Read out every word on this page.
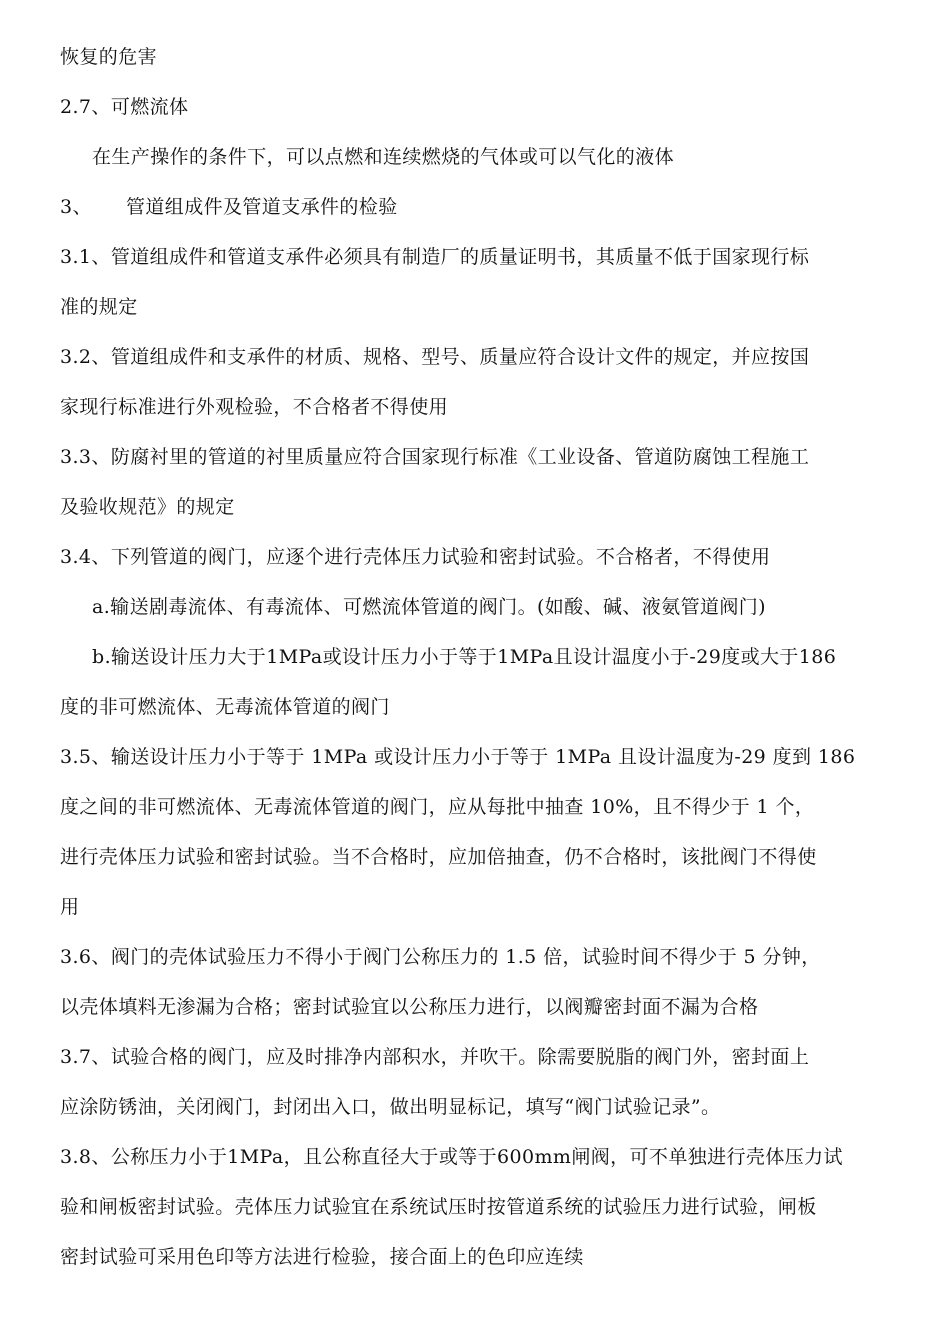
恢复的危害
2.7、可燃流体
在生产操作的条件下，可以点燃和连续燃烧的气体或可以气化的液体
3、 管道组成件及管道支承件的检验
3.1、管道组成件和管道支承件必须具有制造厂的质量证明书，其质量不低于国家现行标
准的规定
3.2、管道组成件和支承件的材质、规格、型号、质量应符合设计文件的规定，并应按国
家现行标准进行外观检验，不合格者不得使用
3.3、防腐衬里的管道的衬里质量应符合国家现行标准《工业设备、管道防腐蚀工程施工
及验收规范》的规定
3.4、下列管道的阀门，应逐个进行壳体压力试验和密封试验。不合格者，不得使用
a.输送剧毒流体、有毒流体、可燃流体管道的阀门。(如酸、碱、液氨管道阀门)
b.输送设计压力大于1MPa或设计压力小于等于1MPa且设计温度小于-29度或大于186
度的非可燃流体、无毒流体管道的阀门
3.5、输送设计压力小于等于 1MPa 或设计压力小于等于 1MPa 且设计温度为-29 度到 186
度之间的非可燃流体、无毒流体管道的阀门，应从每批中抽查 10%，且不得少于 1 个，
进行壳体压力试验和密封试验。当不合格时，应加倍抽查，仍不合格时，该批阀门不得使
用
3.6、阀门的壳体试验压力不得小于阀门公称压力的 1.5 倍，试验时间不得少于 5 分钟，
以壳体填料无渗漏为合格；密封试验宜以公称压力进行，以阀瓣密封面不漏为合格
3.7、试验合格的阀门，应及时排净内部积水，并吹干。除需要脱脂的阀门外，密封面上
应涂防锈油，关闭阀门，封闭出入口，做出明显标记，填写“阀门试验记录”。
3.8、公称压力小于1MPa，且公称直径大于或等于600mm闸阀，可不单独进行壳体压力试
验和闸板密封试验。壳体压力试验宜在系统试压时按管道系统的试验压力进行试验，闸板
密封试验可采用色印等方法进行检验，接合面上的色印应连续
